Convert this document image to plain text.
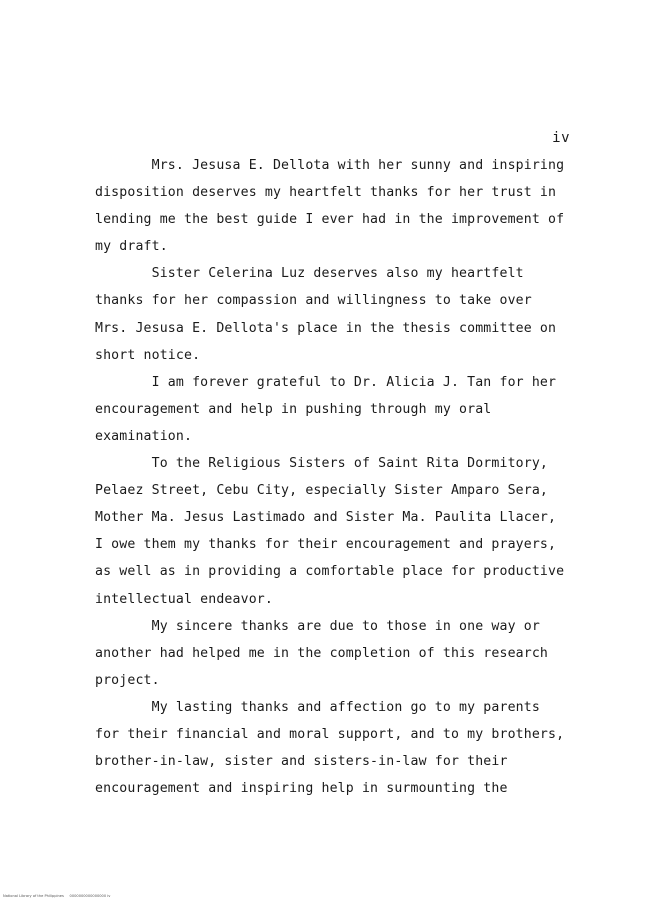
iv

Mrs. Jesusa E. Dellota with her sunny and inspiring
disposition deserves my heartfelt thanks for her trust in
lending me the best guide I ever had in the improvement of
my draft.
Sister Celerina Luz deserves also my heartfelt
thanks for her compassion and willingness to take over
Mrs. Jesusa E. Dellota's place in the thesis committee on
short notice.
I am forever grateful to Dr. Alicia J. Tan for her
encouragement and help in pushing through my oral
examination.
To the Religious Sisters of Saint Rita Dormitory,
Pelaez Street, Cebu City, especially Sister Amparo Sera,
Mother Ma. Jesus Lastimado and Sister Ma. Paulita Llacer,
I owe them my thanks for their encouragement and prayers,
as well as in providing a comfortable place for productive
intellectual endeavor.
My sincere thanks are due to those in one way or
another had helped me in the completion of this research
project.
My lasting thanks and affection go to my parents
for their financial and moral support, and to my brothers,
brother-in-law, sister and sisters-in-law for their
encouragement and inspiring help in surmounting the

National Library of the Philippines     0000000000000000 iv
